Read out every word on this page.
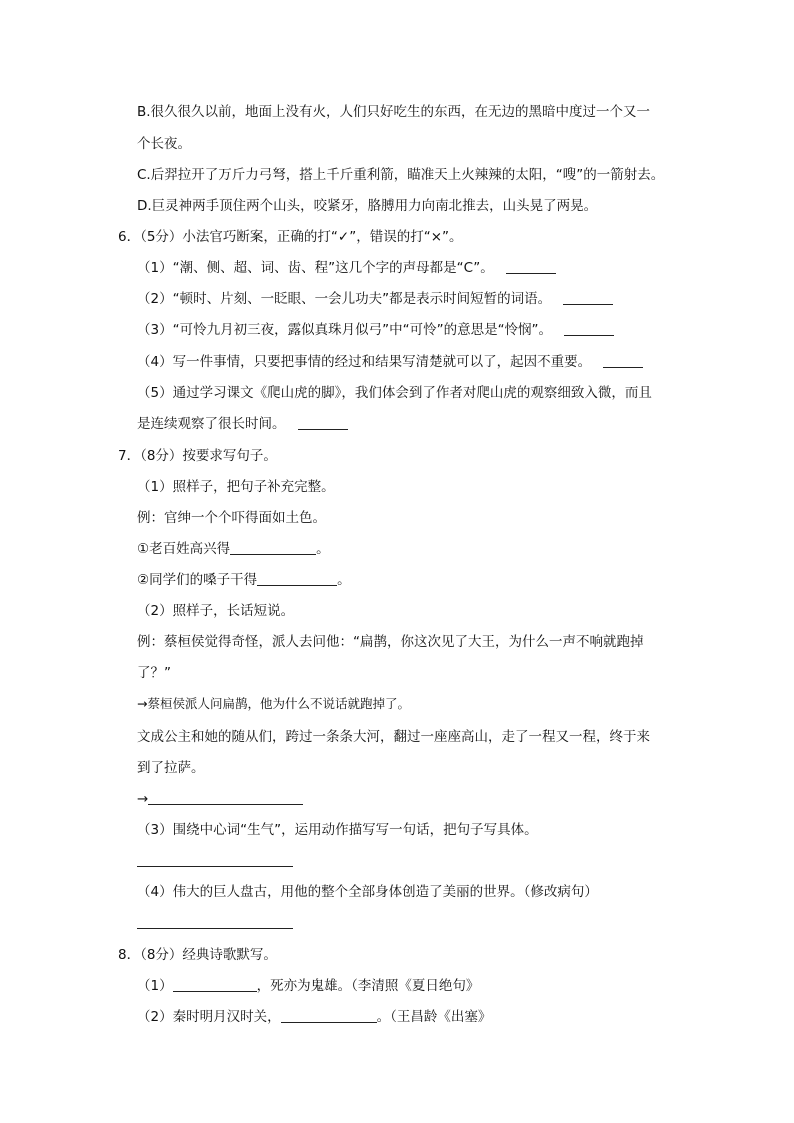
B.很久很久以前，地面上没有火，人们只好吃生的东西，在无边的黑暗中度过一个又一
个长夜。
C.后羿拉开了万斤力弓弩，搭上千斤重利箭，瞄准天上火辣辣的太阳，“嗖”的一箭射去。
D.巨灵神两手顶住两个山头，咬紧牙，胳膊用力向南北推去，山头晃了两晃。
6．（5分）小法官巧断案，正确的打“✓”，错误的打“×”。
（1）“潮、侧、超、词、齿、程”这几个字的声母都是“C”。
（2）“顿时、片刻、一眨眼、一会儿功夫”都是表示时间短暂的词语。
（3）“可怜九月初三夜，露似真珠月似弓”中“可怜”的意思是“怜悯”。
（4）写一件事情，只要把事情的经过和结果写清楚就可以了，起因不重要。
（5）通过学习课文《爬山虎的脚》，我们体会到了作者对爬山虎的观察细致入微，而且
是连续观察了很长时间。
7．（8分）按要求写句子。
（1）照样子，把句子补充完整。
例：官绅一个个吓得面如土色。
①老百姓高兴得	。
②同学们的嗓子干得	。
（2）照样子，长话短说。
例：蔡桓侯觉得奇怪，派人去问他：“扁鹊，你这次见了大王，为什么一声不响就跑掉
了？”
→蔡桓侯派人问扁鹊，他为什么不说话就跑掉了。
文成公主和她的随从们，跨过一条条大河，翻过一座座高山，走了一程又一程，终于来
到了拉萨。
→
（3）围绕中心词“生气”，运用动作描写写一句话，把句子写具体。
（4）伟大的巨人盘古，用他的整个全部身体创造了美丽的世界。（修改病句）
8．（8分）经典诗歌默写。
（1）	，死亦为鬼雄。（李清照《夏日绝句》
（2）秦时明月汉时关，	。（王昌龄《出塞》
